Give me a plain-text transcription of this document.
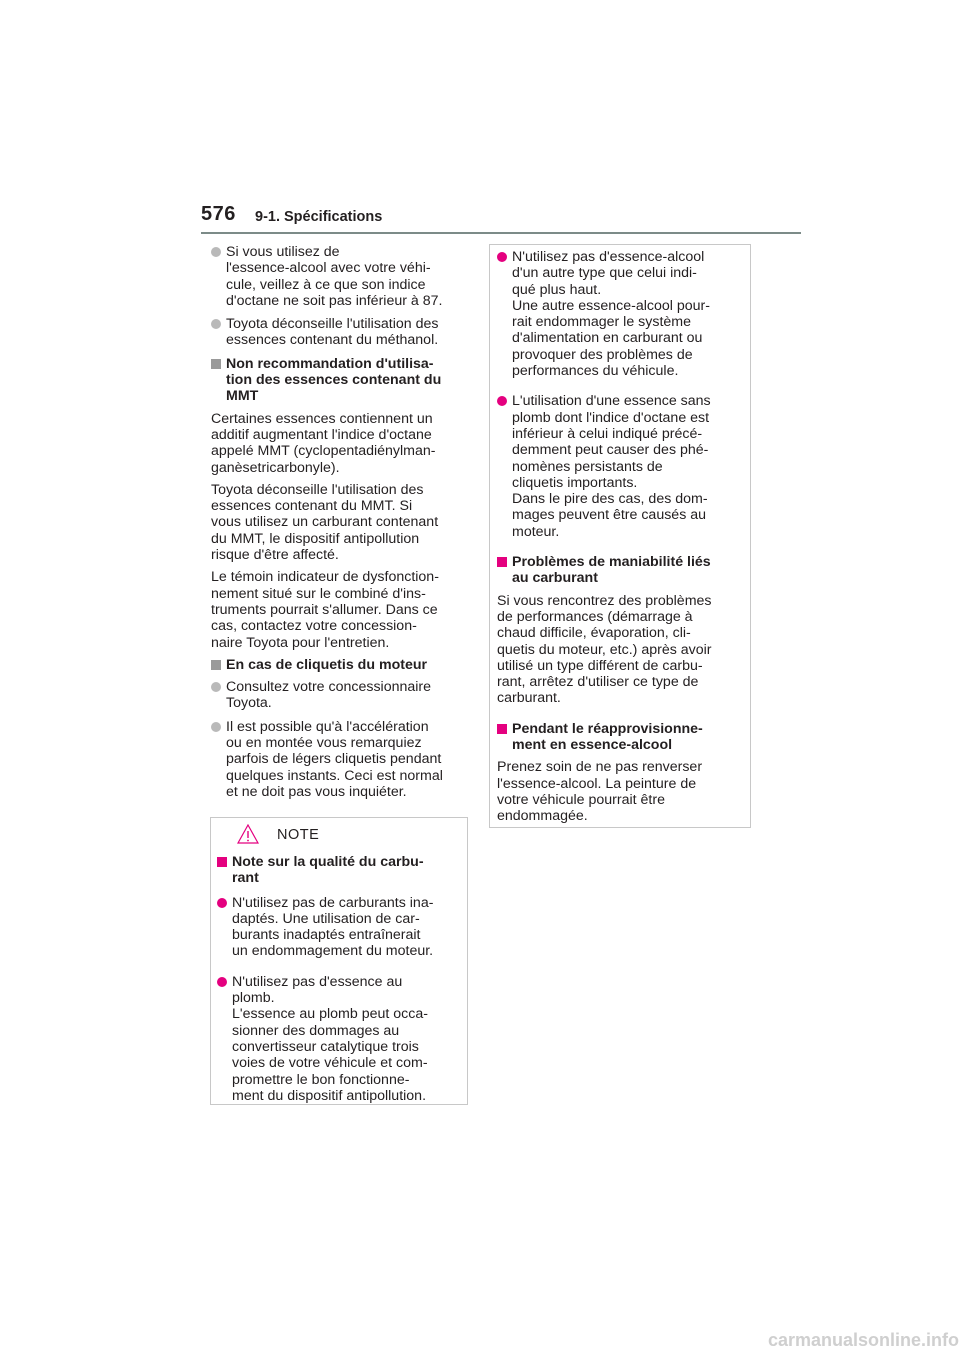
576 9-1. Spécifications
Si vous utilisez de
l'essence-alcool avec votre véhi-
cule, veillez à ce que son indice
d'octane ne soit pas inférieur à 87.
Toyota déconseille l'utilisation des
essences contenant du méthanol.
Non recommandation d'utilisa-
tion des essences contenant du
MMT
Certaines essences contiennent un
additif augmentant l'indice d'octane
appelé MMT (cyclopentadiénylman-
ganèsetricarbonyle).
Toyota déconseille l'utilisation des
essences contenant du MMT. Si
vous utilisez un carburant contenant
du MMT, le dispositif antipollution
risque d'être affecté.
Le témoin indicateur de dysfonction-
nement situé sur le combiné d'ins-
truments pourrait s'allumer. Dans ce
cas, contactez votre concession-
naire Toyota pour l'entretien.
En cas de cliquetis du moteur
Consultez votre concessionnaire
Toyota.
Il est possible qu'à l'accélération
ou en montée vous remarquiez
parfois de légers cliquetis pendant
quelques instants. Ceci est normal
et ne doit pas vous inquiéter.
NOTE
Note sur la qualité du carbu-
rant
N'utilisez pas de carburants ina-
daptés. Une utilisation de car-
burants inadaptés entraînerait
un endommagement du moteur.
N'utilisez pas d'essence au
plomb.
L'essence au plomb peut occa-
sionner des dommages au
convertisseur catalytique trois
voies de votre véhicule et com-
promettre le bon fonctionne-
ment du dispositif antipollution.
N'utilisez pas d'essence-alcool
d'un autre type que celui indi-
qué plus haut.
Une autre essence-alcool pour-
rait endommager le système
d'alimentation en carburant ou
provoquer des problèmes de
performances du véhicule.
L'utilisation d'une essence sans
plomb dont l'indice d'octane est
inférieur à celui indiqué précé-
demment peut causer des phé-
nomènes persistants de
cliquetis importants.
Dans le pire des cas, des dom-
mages peuvent être causés au
moteur.
Problèmes de maniabilité liés
au carburant
Si vous rencontrez des problèmes
de performances (démarrage à
chaud difficile, évaporation, cli-
quetis du moteur, etc.) après avoir
utilisé un type différent de carbu-
rant, arrêtez d'utiliser ce type de
carburant.
Pendant le réapprovisionne-
ment en essence-alcool
Prenez soin de ne pas renverser
l'essence-alcool. La peinture de
votre véhicule pourrait être
endommagée.
carmanualsonline.info
